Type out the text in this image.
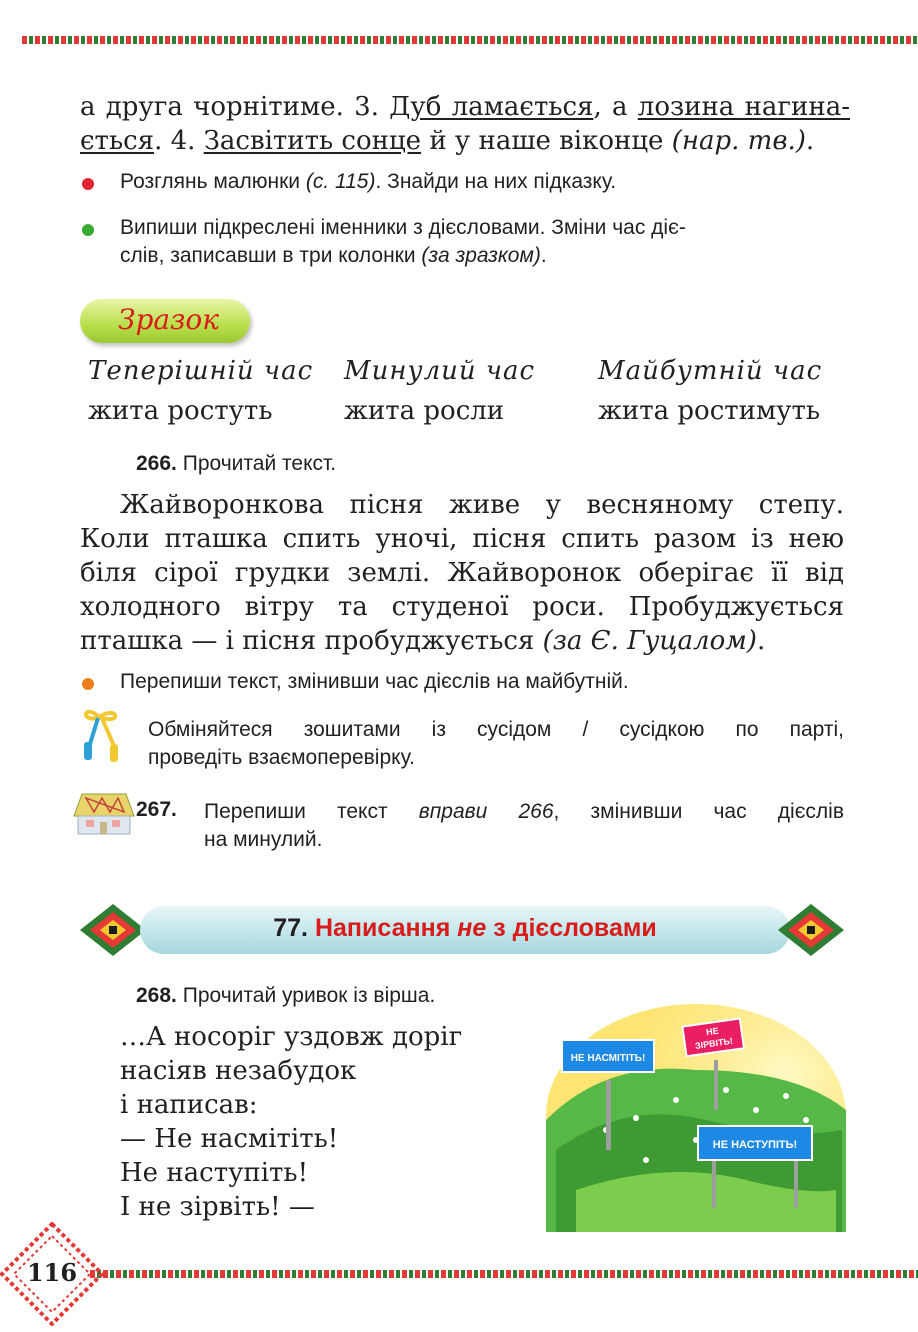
а друга чорнітиме. 3. Дуб ламається, а лозина нагина-
ється. 4. Засвітить сонце й у наше віконце (нар. тв.).
Розглянь малюнки (с. 115). Знайди на них підказку.
Випиши підкреслені іменники з дієсловами. Зміни час діє-
слів, записавши в три колонки (за зразком).
Зразок
Теперішній час Минулий час Майбутній час
жита ростуть	жита росли	жита ростимуть
266. Прочитай текст.
Жайворонкова пісня живе у весняному степу.
Коли пташка спить уночі, пісня спить разом із нею
біля сірої грудки землі. Жайворонок оберігає її від
холодного вітру та студеної роси. Пробуджується
пташка — і пісня пробуджується (за Є. Гуцалом).
Перепиши текст, змінивши час дієслів на майбутній.
Обміняйтеся зошитами із сусідом / сусідкою по парті,
проведіть взаємоперевірку.
267. Перепиши текст вправи 266, змінивши час дієслів
на минулий.
77. Написання не з дієсловами
268. Прочитай уривок із вірша.
…А носоріг уздовж доріг
насіяв незабудок
і написав:
— Не насмітіть!
Не наступіть!
І не зірвіть! —
НЕ НАСМІТІТЬ!
НЕ
ЗІРВІТЬ!
НЕ НАСТУПІТЬ!
116
